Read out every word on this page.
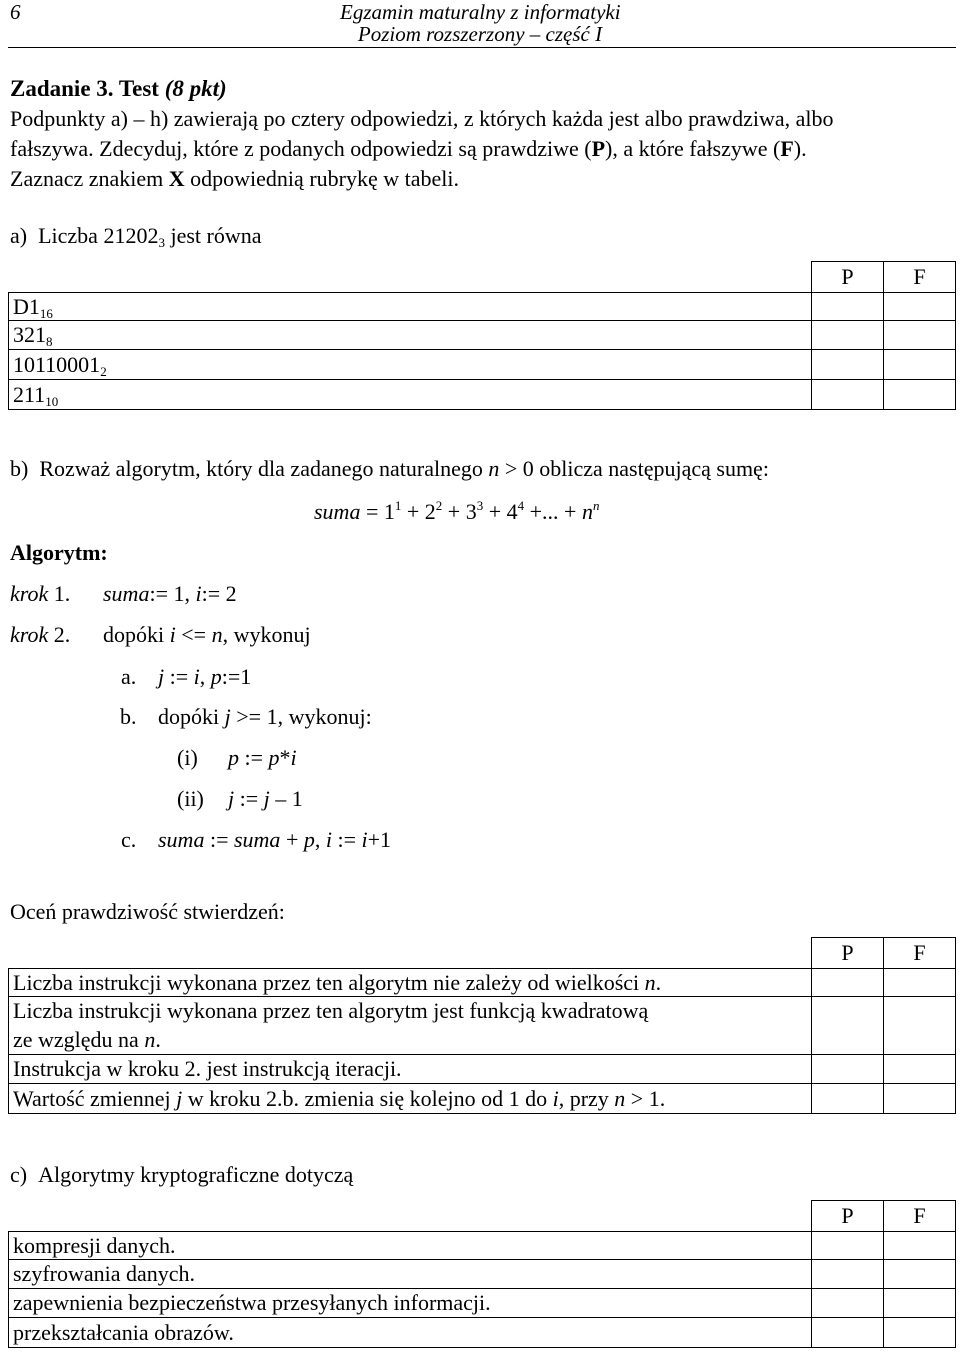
6	Egzamin maturalny z informatyki
Poziom rozszerzony – część I
Zadanie 3. Test (8 pkt)
Podpunkty a) – h) zawierają po cztery odpowiedzi, z których każda jest albo prawdziwa, albo
fałszywa. Zdecyduj, które z podanych odpowiedzi są prawdziwe (P), a które fałszywe (F).
Zaznacz znakiem X odpowiednią rubrykę w tabeli.
a) Liczba $21202_3$ jest równa
	P	F
$D1_{16}$		
$321_8$		
$10110001_2$		
$211_{10}$		
b) Rozważ algorytm, który dla zadanego naturalnego n > 0 oblicza następującą sumę:
suma = $1^1 + 2^2 + 3^3 + 4^4$ +... + $n^n$
Algorytm:
krok 1. suma:= 1, i:= 2
krok 2. dopóki i <= n, wykonuj
a. j := i, p:=1
b. dopóki j >= 1, wykonuj:
(i) p := p*i
(ii) j := j – 1
c. suma := suma + p, i := i+1
Oceń prawdziwość stwierdzeń:
	P	F
Liczba instrukcji wykonana przez ten algorytm nie zależy od wielkości n.		
Liczba instrukcji wykonana przez ten algorytm jest funkcją kwadratową
ze względu na n.		
Instrukcja w kroku 2. jest instrukcją iteracji.		
Wartość zmiennej j w kroku 2.b. zmienia się kolejno od 1 do i, przy n > 1.		
c) Algorytmy kryptograficzne dotyczą
	P	F
kompresji danych.		
szyfrowania danych.		
zapewnienia bezpieczeństwa przesyłanych informacji.		
przekształcania obrazów.		
